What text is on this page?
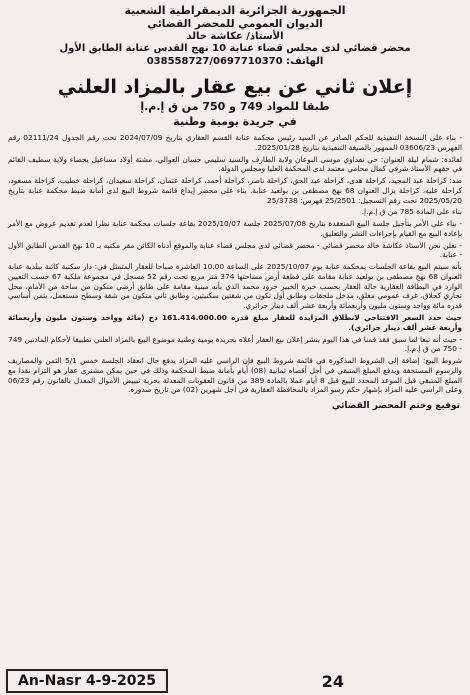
الجمهورية الجزائرية الديمقراطية الشعبية
الديوان العمومي للمحضر القضائي
الأستاذ/ عكاشة خالد
محضر قضائي لدى مجلس قضاء عنابة 10 نهج القدس عنابة الطابق الأول
الهاتف: 038558727/0697710370
إعلان ثاني عن بيع عقار بالمزاد العلني
طبقا للمواد 749 و 750 من ق إ.م.إ
في جريدة يومية وطنية

- بناء على النسخة التنفيذية للحكم الصادر عن السيد رئيس محكمة عنابة القسم العقاري بتاريخ 2024/07/09 تحت رقم الجدول 02111/24 رقم الفهرس 03606/23 الممهور بالصيغة التنفيذية بتاريخ 2025/01/28.

لفائدة: شمام ليلة العنوان: حي نفداوي موسى البوعان ولاية الطارف والسيد سليمي حسان العوالي، مشتة أولاد مساعيل يخضاء ولاية سطيف القائم في حقهم الأستاذ شرفي كمال محامي معتمد لدى المحكمة العليا ومجلس الدولة.

ضد: كراحلة عبد المجيد، كراحلة هدى، كراحلة عبد الحق، كراحلة ناصر، كراحلة أحمد، كراحلة عثمان، كراحلة سعيدان، كراحلة خطيب، كراحلة مسعود، كراحلة عليه، كراحلة بزال العنوان 68 نهج مصطفى بن بولعيد عنابة. بناء على محضر إيداع قائمة شروط البيع لدى أمانة ضبط محكمة عنابة بتاريخ 2025/05/20 تحت رقم التسجيل: 25/2501 فهرس: 25/3738

بناء على المادة 785 من ق إ.م.إ.

- بناء على الأمر بتأجيل جلسة البيع المنعقدة بتاريخ 2025/07/08 جلسة 2025/10/07 بقاعة جلسات محكمة عنابة نظرا لعدم تقديم عروض مع الأمر بإعادة البيع مع القيام بإجراءات النشر والتعليق.

- نعلن نحن الأستاذ عكاشة خالد محضر قضائي - محضر قضائي لدى مجلس قضاء عنابة والموقع أدناه الكائن مقر مكتبه بـ 10 نهج القدس الطابق الأول - عنابة.

بأنه سيتم البيع بقاعة الجلسات بمحكمة عنابة يوم 2025/10/07 على الساعة 10.00 العاشرة صباحا للعقار المتمثل في: دار سكنية كائنة ببلدية عنابة العنوان 68 نهج مصطفى بن بولعيد عنابة مقامة على قطعة أرض مساحتها 374 متر مربع تحت رقم 52 مسجل في مجموعة ملكية 67 حسب التعيين الوارد في البطاقة العقارية حالة العقار بحسب خبرة الخبير حرود محمد الذي بأنه مبنية مقامة على طابق أرضي متكون من ساحة من الأمام، محل تجاري كحلاق، غرف عمومي مغلق، مدخل ملحقات وطابق أول تكون من شقتين سكنيتين، وطابق ثاني متكون من شقة وسطح مستعمل، بثمن أساسي قدره مائة وواحد وستون مليون وأربعمائة وأربعة عشر ألف دينار جزائري.

حيث حدد السعر الافتتاحي لانطلاق المزايدة للعقار مبلغ قدره 161.414.000.00 دج (مائة وواحد وستون مليون وأربعمائة وأربعة عشر ألف دينار جزائري).

- حيث أنه تبعا لما سبق فقد قمنا في هذا اليوم بنشر إعلان بيع العقار أعلاه بجريدة يومية وطنية موضوع البيع بالمزاد العلني تطبيقا لأحكام المادتين 749 - 750 من ق إ.م.إ.

شروط البيع: إضافة إلى الشروط المذكورة في قائمة شروط البيع فإن الراسي عليه المزاد يدفع حال انعقاد الجلسة خمس 5/1 الثمن والمصاريف والرسوم المستحقة ويدفع المبلغ المتبقي في أجل أقصاه ثمانية (08) أيام بأمانة ضبط المحكمة وذلك في حين يمكن مشترى عقار هو التزام نقدا مع المبلغ المتبقي قبل الموعد المحدد للبيع قبل 8 أيام عملا بالمادة 389 من قانون العقوبات المعدلة بحرية تبييض الأموال المعدل بالقانون رقم 06/23 وعلى الراسي عليه المزاد بإشهار حكم رسو المزاد بالمحافظة العقارية في أجل شهرين (02) من تاريخ صدوره.

توقيع وختم المحضر القضائي
An-Nasr 4-9-2025	24
